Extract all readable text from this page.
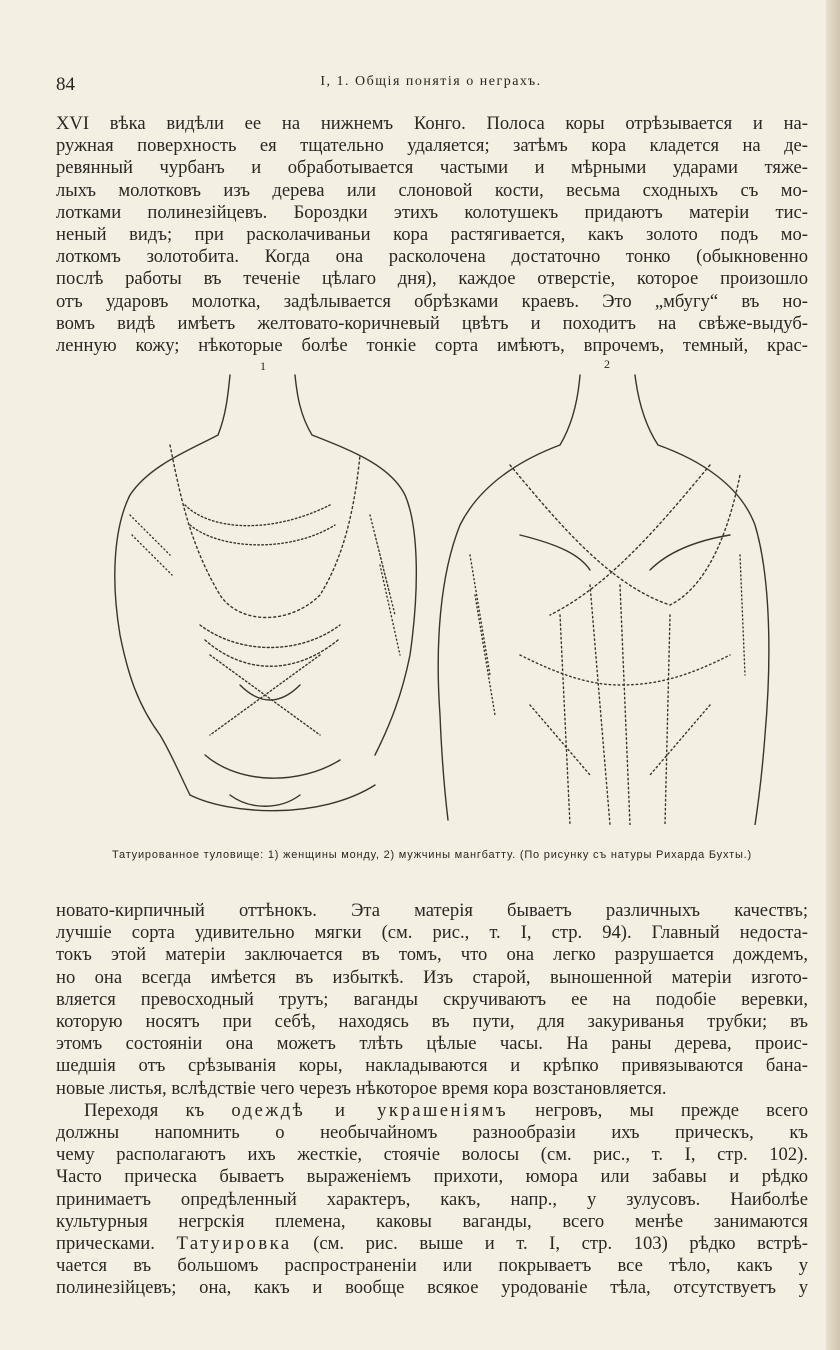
84	I, 1. Общія понятія о неграхъ.
XVI вѣка видѣли ее на нижнемъ Конго. Полоса коры отрѣзывается и на-
ружная поверхность ея тщательно удаляется; затѣмъ кора кладется на де-
ревянный чурбанъ и обработывается частыми и мѣрными ударами тяже-
лыхъ молотковъ изъ дерева или слоновой кости, весьма сходныхъ съ мо-
лотками полинезійцевъ. Бороздки этихъ колотушекъ придаютъ матеріи тис-
неный видъ; при расколачиваньи кора растягивается, какъ золото подъ мо-
лоткомъ золотобита. Когда она расколочена достаточно тонко (обыкновенно
послѣ работы въ теченіе цѣлаго дня), каждое отверстіе, которое произошло
отъ ударовъ молотка, задѣлывается обрѣзками краевъ. Это „мбугу“ въ но-
вомъ видѣ имѣетъ желтовато-коричневый цвѣтъ и походитъ на свѣже-выдуб-
ленную кожу; нѣкоторые болѣе тонкіе сорта имѣютъ, впрочемъ, темный, крас-
1	2
Татуированное туловище: 1) женщины монду, 2) мужчины мангбатту. (По рисунку съ натуры Рихарда Бухты.)
новато-кирпичный оттѣнокъ. Эта матерія бываетъ различныхъ качествъ;
лучшіе сорта удивительно мягки (см. рис., т. I, стр. 94). Главный недоста-
токъ этой матеріи заключается въ томъ, что она легко разрушается дождемъ,
но она всегда имѣется въ избыткѣ. Изъ старой, выношенной матеріи изгото-
вляется превосходный трутъ; ваганды скручиваютъ ее на подобіе веревки,
которую носятъ при себѣ, находясь въ пути, для закуриванья трубки; въ
этомъ состояніи она можетъ тлѣть цѣлые часы. На раны дерева, проис-
шедшія отъ срѣзыванія коры, накладываются и крѣпко привязываются бана-
новые листья, вслѣдствіе чего черезъ нѣкоторое время кора возстановляется.
Переходя къ одеждѣ и украшеніямъ негровъ, мы прежде всего
должны напомнить о необычайномъ разнообразіи ихъ прическъ, къ
чему располагаютъ ихъ жесткіе, стоячіе волосы (см. рис., т. I, стр. 102).
Часто прическа бываетъ выраженіемъ прихоти, юмора или забавы и рѣдко
принимаетъ опредѣленный характеръ, какъ, напр., у зулусовъ. Наиболѣе
культурныя негрскія племена, каковы ваганды, всего менѣе занимаются
прическами. Татуировка (см. рис. выше и т. I, стр. 103) рѣдко встрѣ-
чается въ большомъ распространеніи или покрываетъ все тѣло, какъ у
полинезійцевъ; она, какъ и вообще всякое уродованіе тѣла, отсутствуетъ у
